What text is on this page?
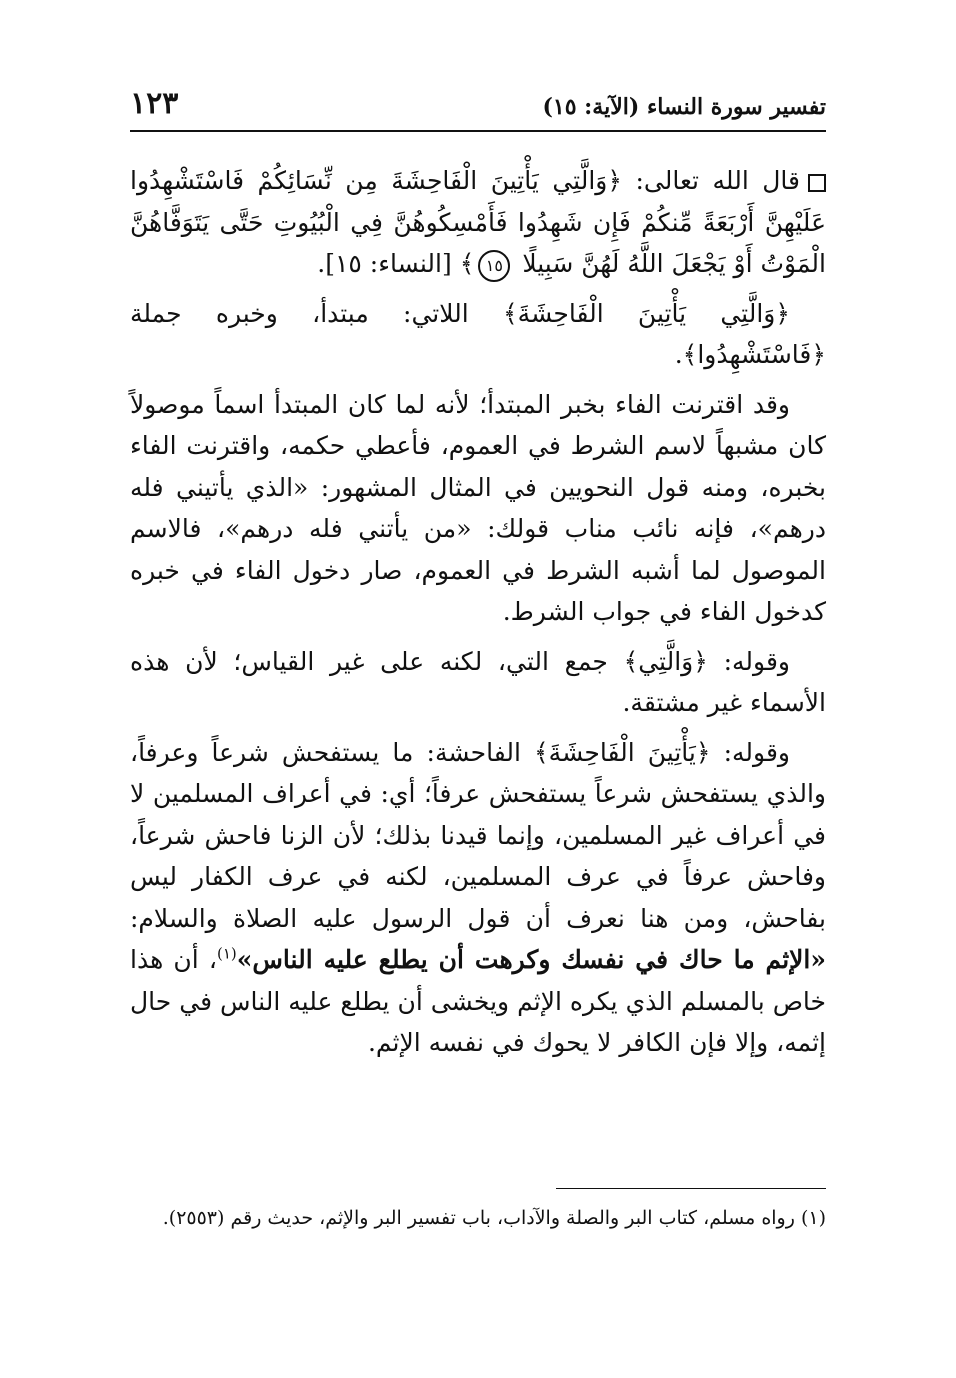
تفسير سورة النساء (الآية: ١٥)
١٢٣

قال الله تعالى: ﴿وَالَّتِي يَأْتِينَ الْفَاحِشَةَ مِن نِّسَائِكُمْ فَاسْتَشْهِدُوا عَلَيْهِنَّ أَرْبَعَةً مِّنكُمْ فَإِن شَهِدُوا فَأَمْسِكُوهُنَّ فِي الْبُيُوتِ حَتَّى يَتَوَفَّاهُنَّ الْمَوْتُ أَوْ يَجْعَلَ اللَّهُ لَهُنَّ سَبِيلًا ١٥﴾ [النساء: ١٥].

﴿وَالَّتِي يَأْتِينَ الْفَاحِشَةَ﴾ اللاتي: مبتدأ، وخبره جملة ﴿فَاسْتَشْهِدُوا﴾.

وقد اقترنت الفاء بخبر المبتدأ؛ لأنه لما كان المبتدأ اسماً موصولاً كان مشبهاً لاسم الشرط في العموم، فأعطي حكمه، واقترنت الفاء بخبره، ومنه قول النحويين في المثال المشهور: «الذي يأتيني فله درهم»، فإنه نائب مناب قولك: «من يأتني فله درهم»، فالاسم الموصول لما أشبه الشرط في العموم، صار دخول الفاء في خبره كدخول الفاء في جواب الشرط.

وقوله: ﴿وَالَّتِي﴾ جمع التي، لكنه على غير القياس؛ لأن هذه الأسماء غير مشتقة.

وقوله: ﴿يَأْتِينَ الْفَاحِشَةَ﴾ الفاحشة: ما يستفحش شرعاً وعرفاً، والذي يستفحش شرعاً يستفحش عرفاً؛ أي: في أعراف المسلمين لا في أعراف غير المسلمين، وإنما قيدنا بذلك؛ لأن الزنا فاحش شرعاً، وفاحش عرفاً في عرف المسلمين، لكنه في عرف الكفار ليس بفاحش، ومن هنا نعرف أن قول الرسول عليه الصلاة والسلام: «الإثم ما حاك في نفسك وكرهت أن يطلع عليه الناس»$^{(١)}$، أن هذا خاص بالمسلم الذي يكره الإثم ويخشى أن يطلع عليه الناس في حال إثمه، وإلا فإن الكافر لا يحوك في نفسه الإثم.

(١) رواه مسلم، كتاب البر والصلة والآداب، باب تفسير البر والإثم، حديث رقم (٢٥٥٣).
